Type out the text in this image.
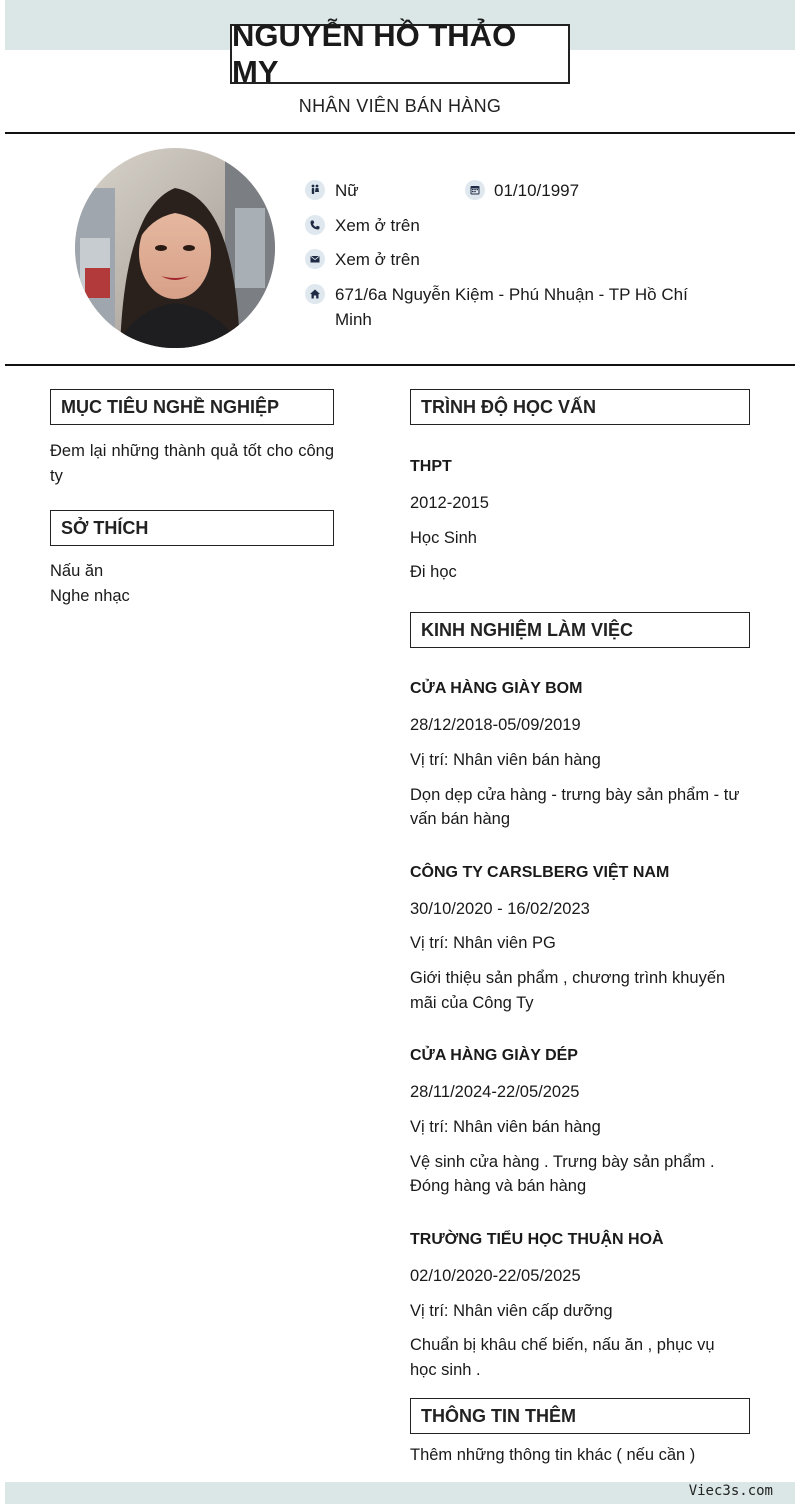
NGUYỄN HỒ THẢO MY
NHÂN VIÊN BÁN HÀNG
Nữ	01/10/1997
Xem ở trên
Xem ở trên
671/6a Nguyễn Kiệm - Phú Nhuận - TP Hồ Chí
Minh
MỤC TIÊU NGHỀ NGHIỆP
Đem lại những thành quả tốt cho công ty
SỞ THÍCH
Nấu ăn
Nghe nhạc
TRÌNH ĐỘ HỌC VẤN
THPT
2012-2015
Học Sinh
Đi học
KINH NGHIỆM LÀM VIỆC
CỬA HÀNG GIÀY BOM
28/12/2018-05/09/2019
Vị trí: Nhân viên bán hàng
Dọn dẹp cửa hàng - trưng bày sản phẩm - tư
vấn bán hàng
CÔNG TY CARSLBERG VIỆT NAM
30/10/2020 - 16/02/2023
Vị trí: Nhân viên PG
Giới thiệu sản phẩm , chương trình khuyến
mãi của Công Ty
CỬA HÀNG GIÀY DÉP
28/11/2024-22/05/2025
Vị trí: Nhân viên bán hàng
Vệ sinh cửa hàng . Trưng bày sản phẩm .
Đóng hàng và bán hàng
TRƯỜNG TIỂU HỌC THUẬN HOÀ
02/10/2020-22/05/2025
Vị trí: Nhân viên cấp dưỡng
Chuẩn bị khâu chế biến, nấu ăn , phục vụ
học sinh .
THÔNG TIN THÊM
Thêm những thông tin khác ( nếu cần )
Viec3s.com
